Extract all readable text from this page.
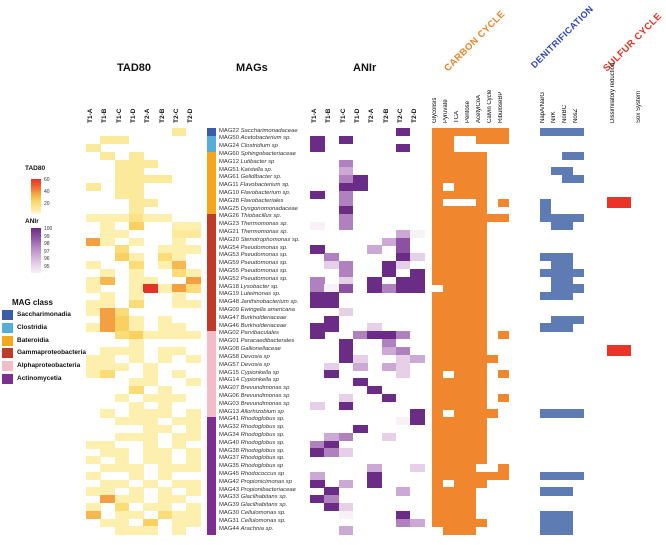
TAD80	MAGs	ANIr	CARBON CYCLE DENITRIFICATION SULFUR CYCLE
TAD80
60
40
20
ANIr
100
99
98
97
96
95
MAG class
Saccharimonadia
Clostridia
Bateroidia
Gammaproteobacteria
Alphaproteobacteria
Actinomycetia
T1-A	T1-A
T1-B	T1-B
T1-C	T1-C
T1-D	T1-D
T2-A	T2-A
T2-B	T2-B
T2-C	T2-C
T2-D	T2-D	Glycolisis Pyruvate TCA Pentose AcetylCoA Calvin Cycle RibuloseBP	NapA/NarG NirK NorBC NosZ	Dissimilatory reduction	Sox System
MAG22 Saccharimonadaceae
MAG50 Acetobacterium sp.
MAG24 Clostridium sp
MAG60 Sphingobacteriaceae
MAG12 Lutibacter sp
MAG51 Kaistella sp.
MAG61 Gelidibacter sp.
MAG11 Flavobacterium sp.
MAG10 Flavobacterium sp.
MAG28 Flavobacteriales
MAG25 Dysgonomonadaceae
MAG26 Thiobacillus sp.
MAG23 Thermomonas sp.
MAG21 Thermomonas sp.
MAG20 Stenotrophomonas sp.
MAG54 Pseudomonas sp.
MAG53 Pseudomonas sp.
MAG59 Pseudomonas sp.
MAG55 Pseudomonas sp.
MAG52 Pseudomonas sp.
MAG18 Lysobacter sp.
MAG19 Luteimonas sp.
MAG48 Janthinobacterium sp.
MAG09 Ewingella americana
MAG47 Burkholderiaceae
MAG46 Burkholderiaceae
MAG02 Parvibaculales
MAG01 Paracaedibacterales
MAG08 Gallionellaceae
MAG58 Devosia sp
MAG57 Devosia sp
MAG15 Cypionkella sp
MAG14 Cypionkella sp
MAG07 Brevundimonas sp
MAG06 Brevundimonas sp
MAG03 Brevundimonas sp
MAG13 Allorhizobium sp
MAG41 Rhodoglobus sp.
MAG32 Rhodoglobus sp.
MAG34 Rhodoglobus sp.
MAG40 Rhodoglobus sp.
MAG38 Rhodoglobus sp.
MAG37 Rhodoglobus sp.
MAG35 Rhodoglobus sp
MAG45 Rhodococcus sp
MAG42 Propionicimonas sp
MAG43 Propionibacteriaceae
MAG33 Glacilhabitans sp.
MAG39 Glacilhabitans sp.
MAG30 Cellulomonas sp.
MAG31 Cellulomonas sp.
MAG44 Arachnia sp.
